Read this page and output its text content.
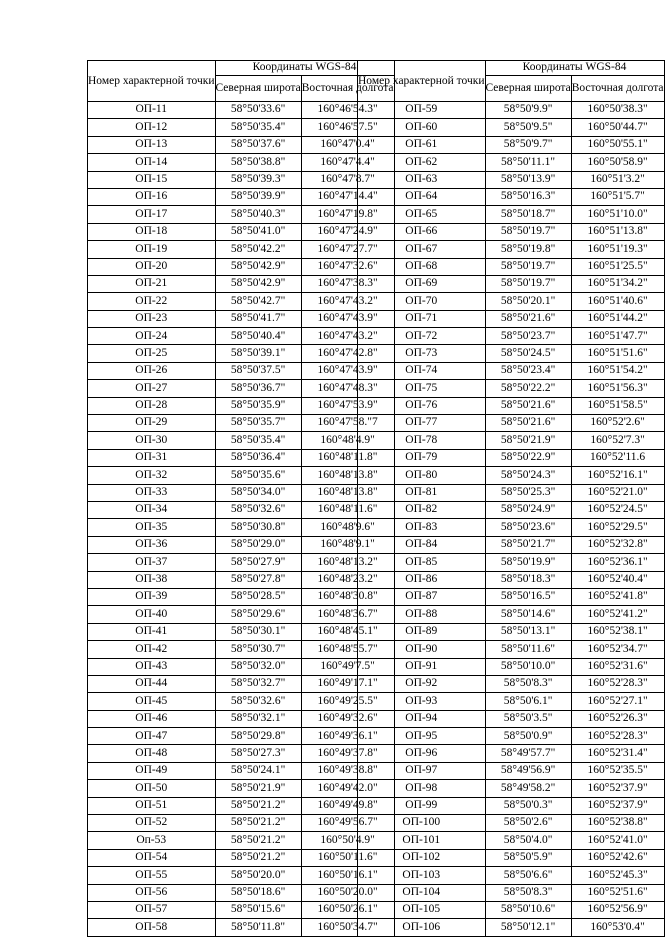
Номер характерной точки	Координаты WGS-84	
	Северная широта	Восточная долгота
ОП-11	58°50'33.6"	160°46'54.3"
ОП-12	58°50'35.4"	160°46'57.5"
ОП-13	58°50'37.6"	160°47'0.4"
ОП-14	58°50'38.8"	160°47'4.4"
ОП-15	58°50'39.3"	160°47'8.7"
ОП-16	58°50'39.9"	160°47'14.4"
ОП-17	58°50'40.3"	160°47'19.8"
ОП-18	58°50'41.0"	160°47'24.9"
ОП-19	58°50'42.2"	160°47'27.7"
ОП-20	58°50'42.9"	160°47'32.6"
ОП-21	58°50'42.9"	160°47'38.3"
ОП-22	58°50'42.7"	160°47'43.2"
ОП-23	58°50'41.7"	160°47'43.9"
ОП-24	58°50'40.4"	160°47'43.2"
ОП-25	58°50'39.1"	160°47'42.8"
ОП-26	58°50'37.5"	160°47'43.9"
ОП-27	58°50'36.7"	160°47'48.3"
ОП-28	58°50'35.9"	160°47'53.9"
ОП-29	58°50'35.7"	160°47'58."7
ОП-30	58°50'35.4"	160°48'4.9"
ОП-31	58°50'36.4"	160°48'11.8"
ОП-32	58°50'35.6"	160°48'13.8"
ОП-33	58°50'34.0"	160°48'13.8"
ОП-34	58°50'32.6"	160°48'11.6"
ОП-35	58°50'30.8"	160°48'9.6"
ОП-36	58°50'29.0"	160°48'9.1"
ОП-37	58°50'27.9"	160°48'13.2"
ОП-38	58°50'27.8"	160°48'23.2"
ОП-39	58°50'28.5"	160°48'30.8"
ОП-40	58°50'29.6"	160°48'36.7"
ОП-41	58°50'30.1"	160°48'45.1"
ОП-42	58°50'30.7"	160°48'55.7"
ОП-43	58°50'32.0"	160°49'7.5"
ОП-44	58°50'32.7"	160°49'17.1"
ОП-45	58°50'32.6"	160°49'25.5"
ОП-46	58°50'32.1"	160°49'32.6"
ОП-47	58°50'29.8"	160°49'36.1"
ОП-48	58°50'27.3"	160°49'37.8"
ОП-49	58°50'24.1"	160°49'38.8"
ОП-50	58°50'21.9"	160°49'42.0"
ОП-51	58°50'21.2"	160°49'49.8"
ОП-52	58°50'21.2"	160°49'56.7"
Оп-53	58°50'21.2"	160°50'4.9"
ОП-54	58°50'21.2"	160°50'11.6"
ОП-55	58°50'20.0"	160°50'16.1"
ОП-56	58°50'18.6"	160°50'20.0"
ОП-57	58°50'15.6"	160°50'26.1"
ОП-58	58°50'11.8"	160°50'34.7"
Номер характерной точки	Координаты WGS-84	
	Северная широта	Восточная долгота
ОП-59	58°50'9.9"	160°50'38.3"
ОП-60	58°50'9.5"	160°50'44.7"
ОП-61	58°50'9.7"	160°50'55.1"
ОП-62	58°50'11.1"	160°50'58.9"
ОП-63	58°50'13.9"	160°51'3.2"
ОП-64	58°50'16.3"	160°51'5.7"
ОП-65	58°50'18.7"	160°51'10.0"
ОП-66	58°50'19.7"	160°51'13.8"
ОП-67	58°50'19.8"	160°51'19.3"
ОП-68	58°50'19.7"	160°51'25.5"
ОП-69	58°50'19.7"	160°51'34.2"
ОП-70	58°50'20.1"	160°51'40.6"
ОП-71	58°50'21.6"	160°51'44.2"
ОП-72	58°50'23.7"	160°51'47.7"
ОП-73	58°50'24.5"	160°51'51.6"
ОП-74	58°50'23.4"	160°51'54.2"
ОП-75	58°50'22.2"	160°51'56.3"
ОП-76	58°50'21.6"	160°51'58.5"
ОП-77	58°50'21.6"	160°52'2.6"
ОП-78	58°50'21.9"	160°52'7.3"
ОП-79	58°50'22.9"	160°52'11.6
ОП-80	58°50'24.3"	160°52'16.1"
ОП-81	58°50'25.3"	160°52'21.0"
ОП-82	58°50'24.9"	160°52'24.5"
ОП-83	58°50'23.6"	160°52'29.5"
ОП-84	58°50'21.7"	160°52'32.8"
ОП-85	58°50'19.9"	160°52'36.1"
ОП-86	58°50'18.3"	160°52'40.4"
ОП-87	58°50'16.5"	160°52'41.8"
ОП-88	58°50'14.6"	160°52'41.2"
ОП-89	58°50'13.1"	160°52'38.1"
ОП-90	58°50'11.6"	160°52'34.7"
ОП-91	58°50'10.0"	160°52'31.6"
ОП-92	58°50'8.3"	160°52'28.3"
ОП-93	58°50'6.1"	160°52'27.1"
ОП-94	58°50'3.5"	160°52'26.3"
ОП-95	58°50'0.9"	160°52'28.3"
ОП-96	58°49'57.7"	160°52'31.4"
ОП-97	58°49'56.9"	160°52'35.5"
ОП-98	58°49'58.2"	160°52'37.9"
ОП-99	58°50'0.3"	160°52'37.9"
ОП-100	58°50'2.6"	160°52'38.8"
ОП-101	58°50'4.0"	160°52'41.0"
ОП-102	58°50'5.9"	160°52'42.6"
ОП-103	58°50'6.6"	160°52'45.3"
ОП-104	58°50'8.3"	160°52'51.6"
ОП-105	58°50'10.6"	160°52'56.9"
ОП-106	58°50'12.1"	160°53'0.4"
